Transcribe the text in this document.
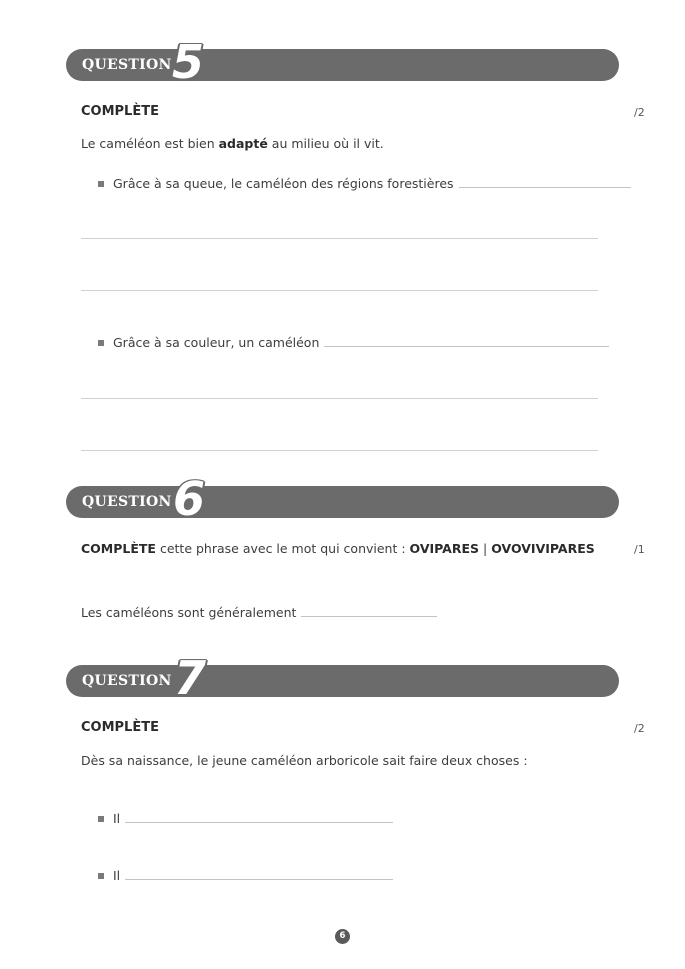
QUESTION 5
COMPLÈTE	/2
Le caméléon est bien adapté au milieu où il vit.
Grâce à sa queue, le caméléon des régions forestières
Grâce à sa couleur, un caméléon
QUESTION 6
COMPLÈTE cette phrase avec le mot qui convient : OVIPARES | OVOVIVIPARES	/1
Les caméléons sont généralement
QUESTION 7
COMPLÈTE	/2
Dès sa naissance, le jeune caméléon arboricole sait faire deux choses :
Il
Il
6
